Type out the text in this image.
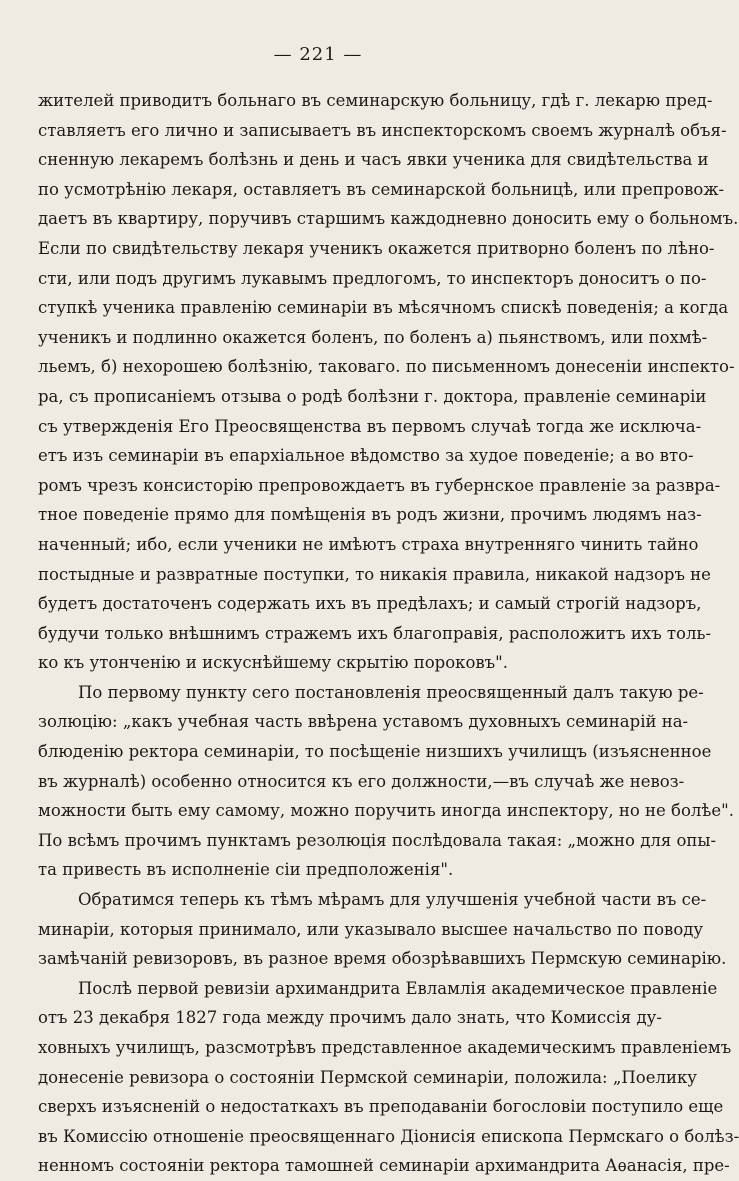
— 221 —
жителей приводитъ больнаго въ семинарскую больницу, гдѣ г. лекарю пред-
ставляетъ его лично и записываетъ въ инспекторскомъ своемъ журналѣ объя-
сненную лекаремъ болѣзнь и день и часъ явки ученика для свидѣтельства и
по усмотрѣнію лекаря, оставляетъ въ семинарской больницѣ, или препровож-
даетъ въ квартиру, поручивъ старшимъ каждодневно доносить ему о больномъ.
Если по свидѣтельству лекаря ученикъ окажется притворно боленъ по лѣно-
сти, или подъ другимъ лукавымъ предлогомъ, то инспекторъ доноситъ о по-
ступкѣ ученика правленію семинаріи въ мѣсячномъ спискѣ поведенія; а когда
ученикъ и подлинно окажется боленъ, по боленъ а) пьянствомъ, или похмѣ-
льемъ, б) нехорошею болѣзнію, таковаго. по письменномъ донесеніи инспекто-
ра, съ прописаніемъ отзыва о родѣ болѣзни г. доктора, правленіе семинаріи
съ утвержденія Его Преосвященства въ первомъ случаѣ тогда же исключа-
етъ изъ семинаріи въ епархіальное вѣдомство за худое поведеніе; а во вто-
ромъ чрезъ консисторію препровождаетъ въ губернское правленіе за развра-
тное поведеніе прямо для помѣщенія въ родъ жизни, прочимъ людямъ наз-
наченный; ибо, если ученики не имѣютъ страха внутренняго чинить тайно
постыдные и развратные поступки, то никакія правила, никакой надзоръ не
будетъ достаточенъ содержать ихъ въ предѣлахъ; и самый строгій надзоръ,
будучи только внѣшнимъ стражемъ ихъ благоправія, расположитъ ихъ толь-
ко къ утонченію и искуснѣйшему скрытію пороковъ".
По первому пункту сего постановленія преосвященный далъ такую ре-
золюцію: „какъ учебная часть ввѣрена уставомъ духовныхъ семинарій на-
блюденію ректора семинаріи, то посѣщеніе низшихъ училищъ (изъясненное
въ журналѣ) особенно относится къ его должности,—въ случаѣ же невоз-
можности быть ему самому, можно поручить иногда инспектору, но не болѣе".
По всѣмъ прочимъ пунктамъ резолюція послѣдовала такая: „можно для опы-
та привесть въ исполненіе сіи предположенія".
Обратимся теперь къ тѣмъ мѣрамъ для улучшенія учебной части въ се-
минаріи, которыя принимало, или указывало высшее начальство по поводу
замѣчаній ревизоровъ, въ разное время обозрѣвавшихъ Пермскую семинарію.
Послѣ первой ревизіи архимандрита Евламлія академическое правленіе
отъ 23 декабря 1827 года между прочимъ дало знать, что Комиссія ду-
ховныхъ училищъ, разсмотрѣвъ представленное академическимъ правленіемъ
донесеніе ревизора о состояніи Пермской семинаріи, положила: „Поелику
сверхъ изъясненій о недостаткахъ въ преподаваніи богословіи поступило еще
въ Комиссію отношеніе преосвященнаго Діонисія епископа Пермскаго о болѣз-
ненномъ состояніи ректора тамошней семинаріи архимандрита Аѳанасія, пре-
